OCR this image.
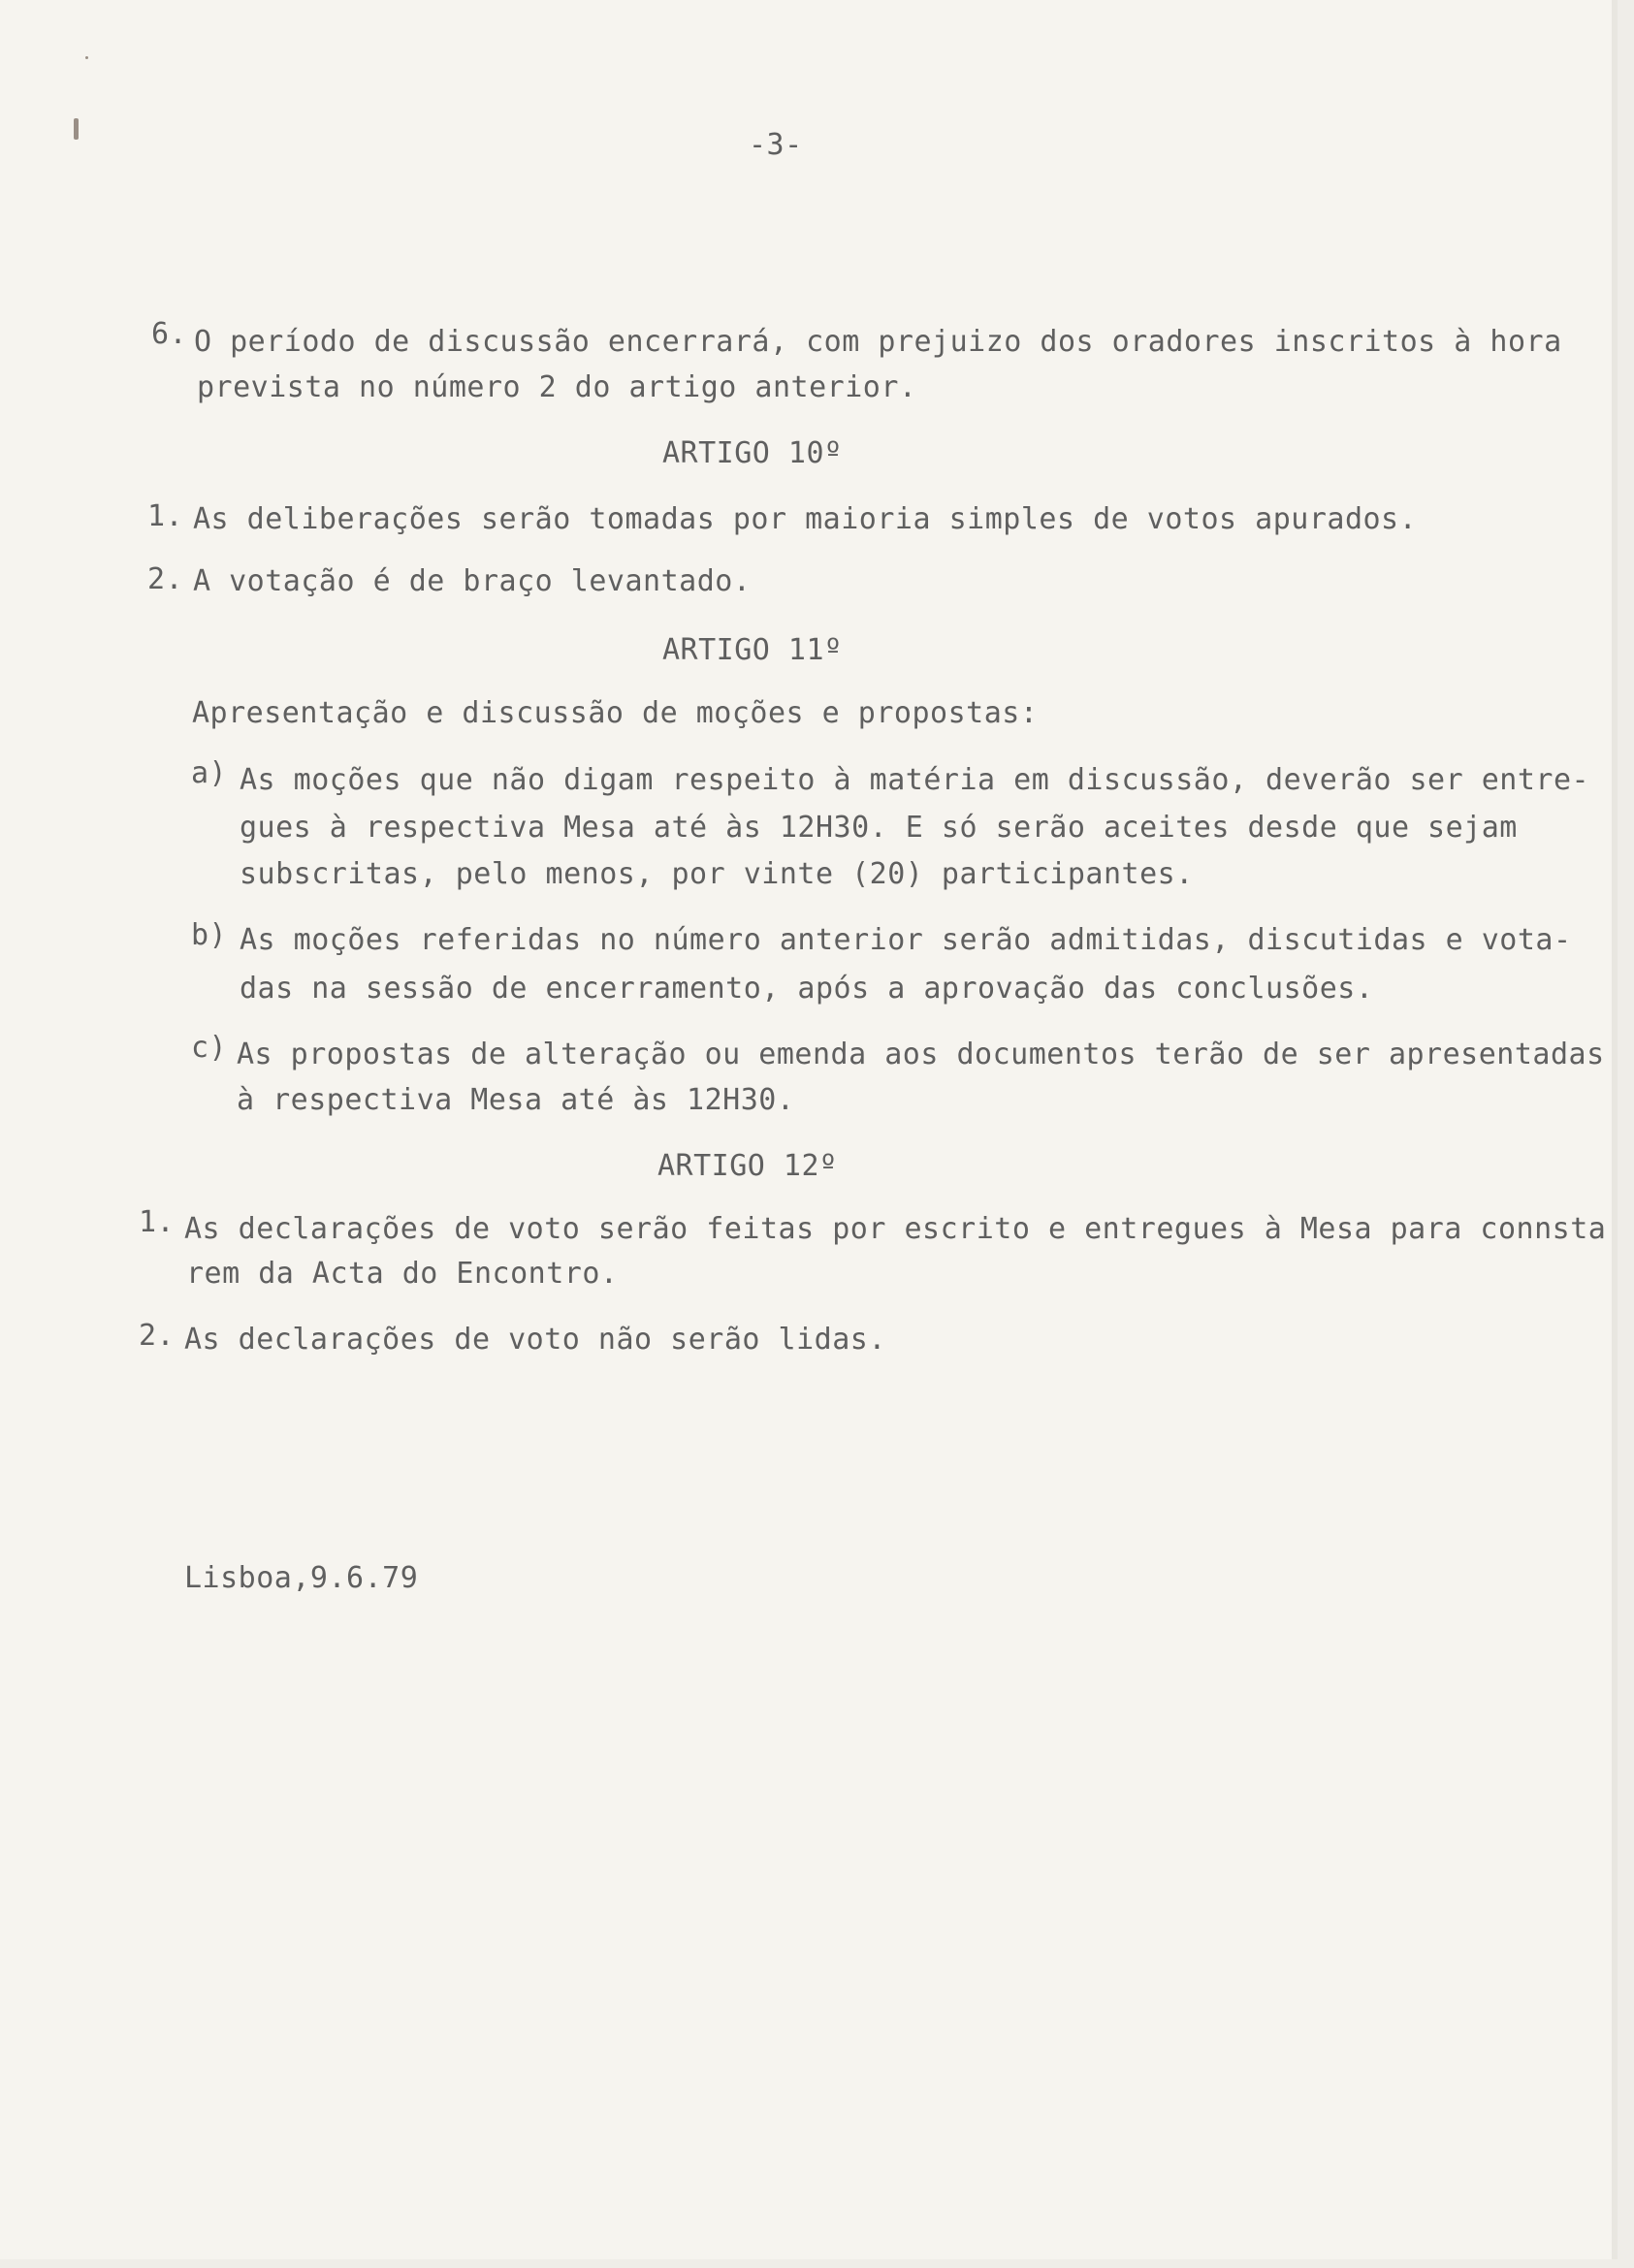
-3-
6. O período de discussão encerrará, com prejuizo dos oradores inscritos à hora
prevista no número 2 do artigo anterior.
ARTIGO 10º
1. As deliberações serão tomadas por maioria simples de votos apurados.
2. A votação é de braço levantado.
ARTIGO 11º
Apresentação e discussão de moções e propostas:
a) As moções que não digam respeito à matéria em discussão, deverão ser entre-
gues à respectiva Mesa até às 12H30. E só serão aceites desde que sejam
subscritas, pelo menos, por vinte (20) participantes.
b) As moções referidas no número anterior serão admitidas, discutidas e vota-
das na sessão de encerramento, após a aprovação das conclusões.
c) As propostas de alteração ou emenda aos documentos terão de ser apresentadas
à respectiva Mesa até às 12H30.
ARTIGO 12º
1. As declarações de voto serão feitas por escrito e entregues à Mesa para connsta
rem da Acta do Encontro.
2. As declarações de voto não serão lidas.
Lisboa,9.6.79
